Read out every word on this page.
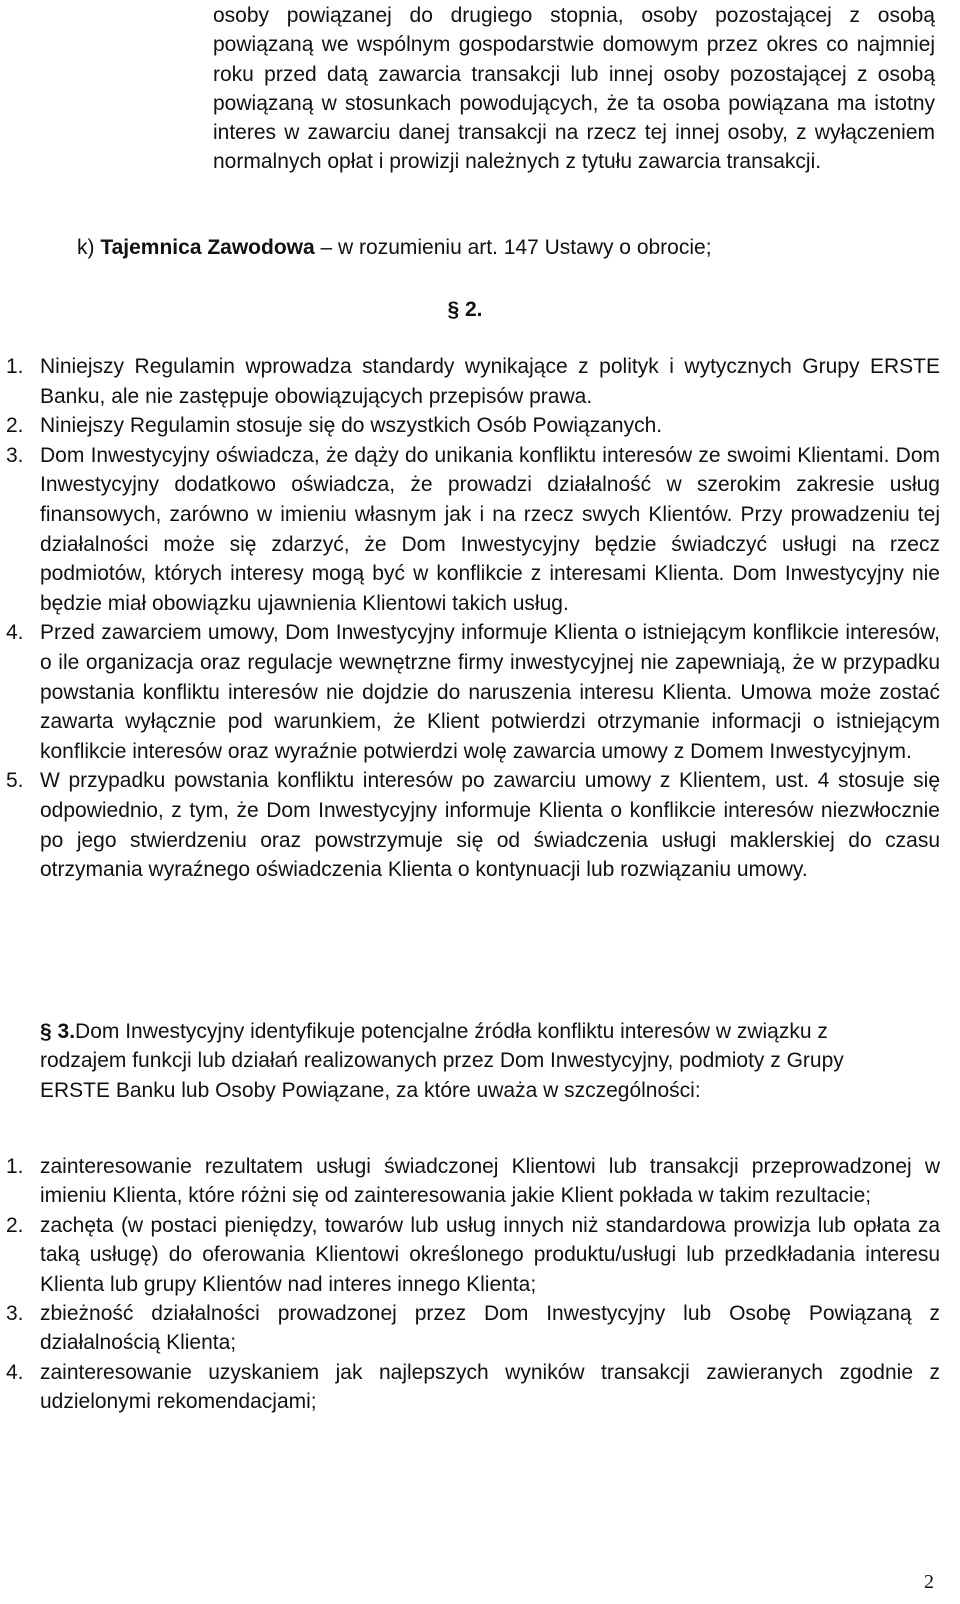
osoby powiązanej do drugiego stopnia, osoby pozostającej z osobą powiązaną we wspólnym gospodarstwie domowym przez okres co najmniej roku przed datą zawarcia transakcji lub innej osoby pozostającej z osobą powiązaną w stosunkach powodujących, że ta osoba powiązana ma istotny interes w zawarciu danej transakcji na rzecz tej innej osoby, z wyłączeniem normalnych opłat i prowizji należnych z tytułu zawarcia transakcji.

k) Tajemnica Zawodowa – w rozumieniu art. 147 Ustawy o obrocie;
§ 2.

1. Niniejszy Regulamin wprowadza standardy wynikające z polityk i wytycznych Grupy ERSTE Banku, ale nie zastępuje obowiązujących przepisów prawa.

2. Niniejszy Regulamin stosuje się do wszystkich Osób Powiązanych.

3. Dom Inwestycyjny oświadcza, że dąży do unikania konfliktu interesów ze swoimi Klientami. Dom Inwestycyjny dodatkowo oświadcza, że prowadzi działalność w szerokim zakresie usług finansowych, zarówno w imieniu własnym jak i na rzecz swych Klientów. Przy prowadzeniu tej działalności może się zdarzyć, że Dom Inwestycyjny będzie świadczyć usługi na rzecz podmiotów, których interesy mogą być w konflikcie z interesami Klienta. Dom Inwestycyjny nie będzie miał obowiązku ujawnienia Klientowi takich usług.

4. Przed zawarciem umowy, Dom Inwestycyjny informuje Klienta o istniejącym konflikcie interesów, o ile organizacja oraz regulacje wewnętrzne firmy inwestycyjnej nie zapewniają, że w przypadku powstania konfliktu interesów nie dojdzie do naruszenia interesu Klienta. Umowa może zostać zawarta wyłącznie pod warunkiem, że Klient potwierdzi otrzymanie informacji o istniejącym konflikcie interesów oraz wyraźnie potwierdzi wolę zawarcia umowy z Domem Inwestycyjnym.

5. W przypadku powstania konfliktu interesów po zawarciu umowy z Klientem, ust. 4 stosuje się odpowiednio, z tym, że Dom Inwestycyjny informuje Klienta o konflikcie interesów niezwłocznie po jego stwierdzeniu oraz powstrzymuje się od świadczenia usługi maklerskiej do czasu otrzymania wyraźnego oświadczenia Klienta o kontynuacji lub rozwiązaniu umowy.

§ 3.Dom Inwestycyjny identyfikuje potencjalne źródła konfliktu interesów w związku z rodzajem funkcji lub działań realizowanych przez Dom Inwestycyjny, podmioty z Grupy ERSTE Banku lub Osoby Powiązane, za które uważa w szczególności:

1. zainteresowanie rezultatem usługi świadczonej Klientowi lub transakcji przeprowadzonej w imieniu Klienta, które różni się od zainteresowania jakie Klient pokłada w takim rezultacie;

2. zachęta (w postaci pieniędzy, towarów lub usług innych niż standardowa prowizja lub opłata za taką usługę) do oferowania Klientowi określonego produktu/usługi lub przedkładania interesu Klienta lub grupy Klientów nad interes innego Klienta;

3. zbieżność działalności prowadzonej przez Dom Inwestycyjny lub Osobę Powiązaną z działalnością Klienta;

4. zainteresowanie uzyskaniem jak najlepszych wyników transakcji zawieranych zgodnie z udzielonymi rekomendacjami;

2
